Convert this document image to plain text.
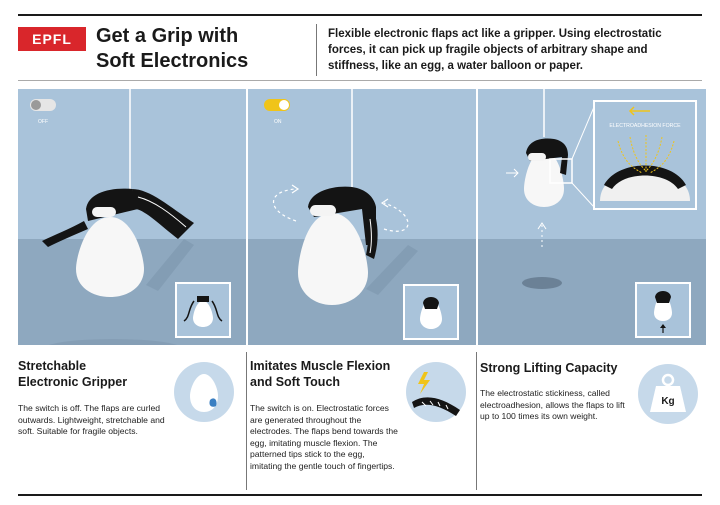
EPFL	Get a Grip with
Soft Electronics
Flexible electronic flaps act like a gripper. Using electrostatic forces, it can pick up fragile objects of arbitrary shape and stiffness, like an egg, a water balloon or paper.
OFF	ON
ELECTROADHESION FORCE
Stretchable Electronic Gripper
The switch is off. The flaps are curled outwards. Lightweight, stretchable and soft. Suitable for fragile objects.
Imitates Muscle Flexion and Soft Touch
The switch is on. Electrostatic forces are generated throughout the electrodes. The flaps bend towards the egg, imitating muscle flexion. The patterned tips stick to the egg, imitating the gentle touch of fingertips.
Strong Lifting Capacity
The electrostatic stickiness, called electroadhesion, allows the flaps to lift up to 100 times its own weight.
Kg
